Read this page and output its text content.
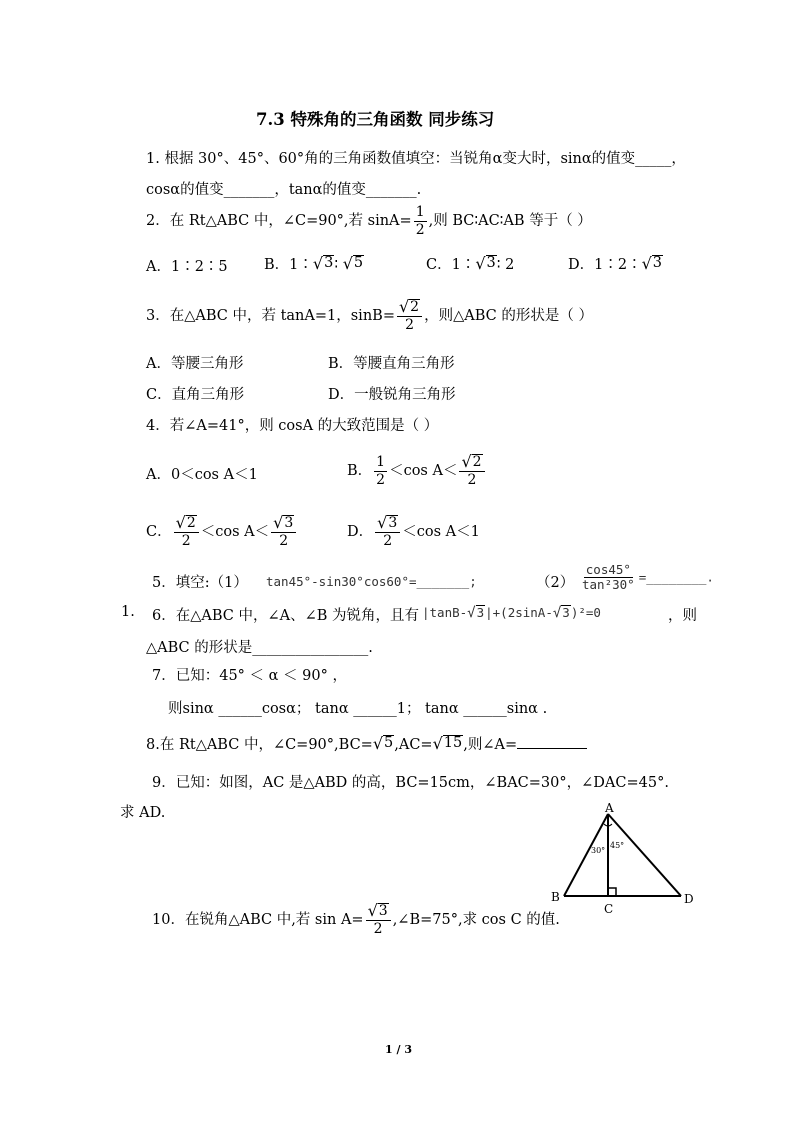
7.3 特殊角的三角函数 同步练习
1. 根据 30°、45°、60°角的三角函数值填空：当锐角α变大时，sinα的值变_____，
cosα的值变_______，tanα的值变_______.
2．在 Rt△ABC 中，∠C=90°,若 $\sin A= \frac{1}{2}$ ,则 BC∶AC∶AB 等于（ ）
A．1∶2∶5	B．1∶ √ 3 ∶ √ 5	C．1∶ √ 3 ∶ 2	D．1∶2∶ √ 3
3．在△ABC 中，若 tanA=1，$\sin B= \frac{√ 2}{2}$ ，则△ABC 的形状是（ ）
A．等腰三角形	B．等腰直角三角形
C．直角三角形	D．一般锐角三角形
4．若∠A=41°，则 cosA 的大致范围是（ ）
A．0＜cos A＜1	B． $\frac{1}{2} <\cos$ $A< \frac{√ 2}{2}$
C． $\frac{√ 2}{2} <\cos$ $A< \frac{√ 3}{2}$	D． $\frac{√ 3}{2} <\cos$ A＜1
5．填空:（1） tan45°-sin30°cos60°=_______;	$(2) \frac{\cos 45^\circ}{\text{tan²30°}}$ =________.
1. 6．在△ABC 中，∠A、∠B 为锐角，且有 |tanB- √ 3 |+(2sinA- √ 3 )²=0	，则
△ABC 的形状是________________.
7．已知：45° ＜ α ＜ 90° ，
则sinα ______cosα； tanα ______1； tanα ______sinα .
8.在 Rt△ABC 中，∠C=90°,BC= √ 5 ,AC= √ 15 ,则∠A=
9．已知：如图，AC 是△ABD 的高，BC=15cm，∠BAC=30°，∠DAC=45°.
求 AD.	A
B
C
D
30°
45°
10．在锐角△ABC 中,若 $\sin A= \frac{√ 3}{2}$ ,∠B=75°,求 cos C 的值.
1 / 3
